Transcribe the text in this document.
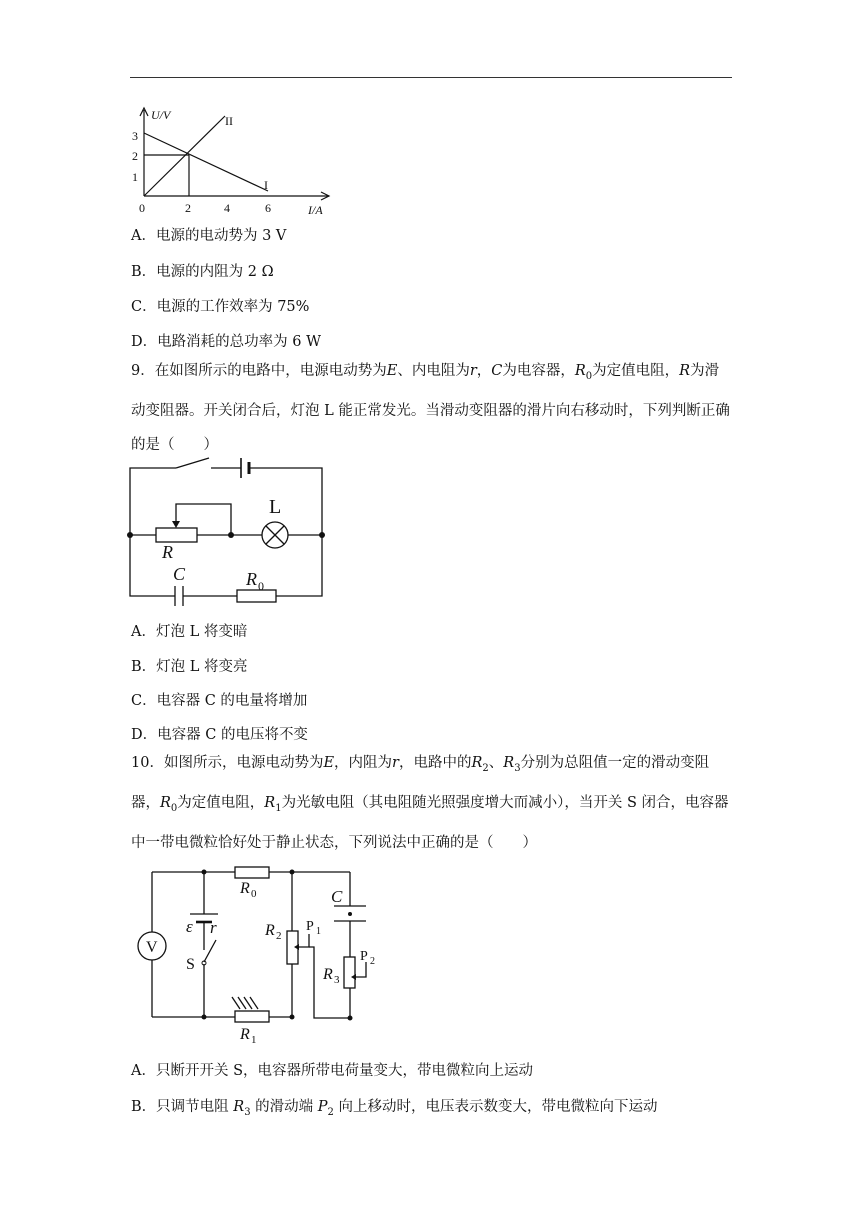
U/V
I/A
3
2
1
0	2	4	6
II
I
A．电源的电动势为 3 V
B．电源的内阻为 2 Ω
C．电源的工作效率为 75%
D．电路消耗的总功率为 6 W
9．在如图所示的电路中，电源电动势为E、内电阻为r，C为电容器，$R_0$为定值电阻，R为滑动变阻器。开关闭合后，灯泡 L 能正常发光。当滑动变阻器的滑片向右移动时，下列判断正确的是（　　）
L
R
C	R 0
A．灯泡 L 将变暗
B．灯泡 L 将变亮
C．电容器 C 的电量将增加
D．电容器 C 的电压将不变
10．如图所示，电源电动势为E，内阻为r，电路中的$R_2$、$R_3$分别为总阻值一定的滑动变阻器，$R_0$为定值电阻，$R_1$为光敏电阻（其电阻随光照强度增大而减小），当开关 S 闭合，电容器中一带电微粒恰好处于静止状态，下列说法中正确的是（　　）
V
ε r
S
R 0
R 1
R 2
P 1
C
R 3
P 2
A．只断开开关 S，电容器所带电荷量变大，带电微粒向上运动
B．只调节电阻 $R_3$ 的滑动端 $P_2$ 向上移动时，电压表示数变大，带电微粒向下运动
